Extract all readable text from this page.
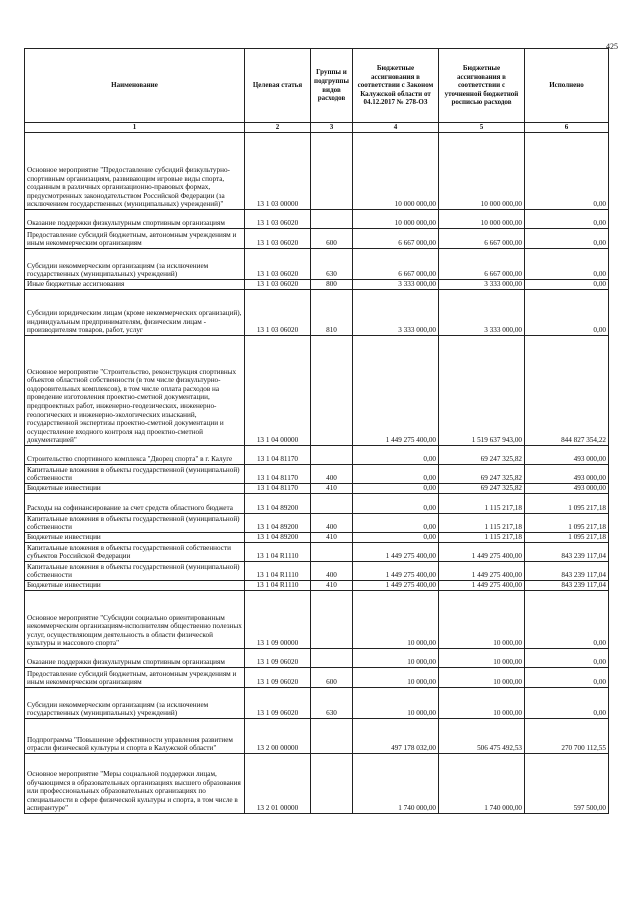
425
Наименование	Целевая статья	Группы и подгруппы видов расходов	Бюджетные ассигнования в соответствии с Законом Калужской области от 04.12.2017 № 278-ОЗ	Бюджетные ассигнования в соответствии с уточненной бюджетной росписью расходов	Исполнено
1	2	3	4	5	6
Основное мероприятие "Предоставление субсидий физкультурно-спортивным организациям, развивающим игровые виды спорта, созданным в различных организационно-правовых формах, предусмотренных законодательством Российской Федерации (за исключением государственных (муниципальных) учреждений)"	13 1 03 00000		10 000 000,00	10 000 000,00	0,00
Оказание поддержки физкультурным спортивным организациям	13 1 03 06020		10 000 000,00	10 000 000,00	0,00
Предоставление субсидий бюджетным, автономным учреждениям и иным некоммерческим организациям	13 1 03 06020	600	6 667 000,00	6 667 000,00	0,00
Субсидии некоммерческим организациям (за исключением государственных (муниципальных) учреждений)	13 1 03 06020	630	6 667 000,00	6 667 000,00	0,00
Иные бюджетные ассигнования	13 1 03 06020	800	3 333 000,00	3 333 000,00	0,00
Субсидии юридическим лицам (кроме некоммерческих организаций), индивидуальным предпринимателям, физическим лицам - производителям товаров, работ, услуг	13 1 03 06020	810	3 333 000,00	3 333 000,00	0,00
Основное мероприятие "Строительство, реконструкция спортивных объектов областной собственности (в том числе физкультурно-оздоровительных комплексов), в том числе оплата расходов на проведение изготовления проектно-сметной документации, предпроектных работ, инженерно-геодезических, инженерно-геологических и инженерно-экологических изысканий, государственной экспертизы проектно-сметной документации и осуществление входного контроля над проектно-сметной документацией"	13 1 04 00000		1 449 275 400,00	1 519 637 943,00	844 827 354,22
Строительство спортивного комплекса "Дворец спорта" в г. Калуге	13 1 04 81170		0,00	69 247 325,82	493 000,00
Капитальные вложения в объекты государственной (муниципальной) собственности	13 1 04 81170	400	0,00	69 247 325,82	493 000,00
Бюджетные инвестиции	13 1 04 81170	410	0,00	69 247 325,82	493 000,00
Расходы на софинансирование за счет средств областного бюджета	13 1 04 89200		0,00	1 115 217,18	1 095 217,18
Капитальные вложения в объекты государственной (муниципальной) собственности	13 1 04 89200	400	0,00	1 115 217,18	1 095 217,18
Бюджетные инвестиции	13 1 04 89200	410	0,00	1 115 217,18	1 095 217,18
Капитальные вложения в объекты государственной собственности субъектов Российской Федерации	13 1 04 R1110		1 449 275 400,00	1 449 275 400,00	843 239 117,04
Капитальные вложения в объекты государственной (муниципальной) собственности	13 1 04 R1110	400	1 449 275 400,00	1 449 275 400,00	843 239 117,04
Бюджетные инвестиции	13 1 04 R1110	410	1 449 275 400,00	1 449 275 400,00	843 239 117,04
Основное мероприятие "Субсидии социально ориентированным некоммерческим организациям-исполнителям общественно полезных услуг, осуществляющим деятельность в области физической культуры и массового спорта"	13 1 09 00000		10 000,00	10 000,00	0,00
Оказание поддержки физкультурным спортивным организациям	13 1 09 06020		10 000,00	10 000,00	0,00
Предоставление субсидий бюджетным, автономным учреждениям и иным некоммерческим организациям	13 1 09 06020	600	10 000,00	10 000,00	0,00
Субсидии некоммерческим организациям (за исключением государственных (муниципальных) учреждений)	13 1 09 06020	630	10 000,00	10 000,00	0,00
Подпрограмма "Повышение эффективности управления развитием отрасли физической культуры и спорта в Калужской области"	13 2 00 00000		497 178 032,00	506 475 492,53	270 700 112,55
Основное мероприятие "Меры социальной поддержки лицам, обучающимся в образовательных организациях высшего образования или профессиональных образовательных организациях по специальности в сфере физической культуры и спорта, в том числе в аспирантуре"	13 2 01 00000		1 740 000,00	1 740 000,00	597 500,00
